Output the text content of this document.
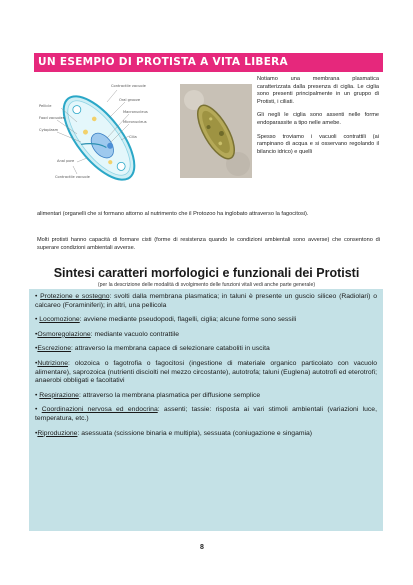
UN ESEMPIO DI PROTISTA A VITA LIBERA
Contractile vacuole
Oral groove
Macronucleus
Micronucleus
Cilia
Pellicle
Food vacuoles
Cytoplasm
Anal pore
Contractile vacuole

Notiamo una membrana plasmatica caratterizzata dalla presenza di ciglia. Le ciglia sono presenti principalmente in un gruppo di Protisti, i ciliati.

Gli negli le ciglia sono assenti nelle forme endoparassite a tipo nelle amebe.

Spesso troviamo i vacuoli contrattili (ai rampinano di acqua e si osservano regolando il bilancio idrico) e quelli

alimentari (organelli che si formano attorno al nutrimento che il Protozoo ha inglobato attraverso la fagocitosi).

Molti protisti hanno capacità di formare cisti (forme di resistenza quando le condizioni ambientali sono avverse) che consentono di superare condizioni ambientali avverse.

Sintesi caratteri morfologici e funzionali dei Protisti
(per la descrizione delle modalità di svolgimento delle funzioni vitali vedi anche parte generale)

• Protezione e sostegno: svolti dalla membrana plasmatica; in taluni è presente un guscio siliceo (Radiolari) o calcareo (Foraminiferi); in altri, una pellicola

• Locomozione: avviene mediante pseudopodi, flagelli, ciglia; alcune forme sono sessili

•Osmoregolazione: mediante vacuolo contrattile

•Escrezione: attraverso la membrana capace di selezionare cataboliti in uscita

•Nutrizione: olozoica o fagotrofia o fagocitosi (ingestione di materiale organico particolato con vacuolo alimentare), saprozoica (nutrienti disciolti nel mezzo circostante), autotrofa; taluni (Euglena) autotrofi ed eterotrofi; anaerobi obbligati e facoltativi

• Respirazione: attraverso la membrana plasmatica per diffusione semplice

• Coordinazioni nervosa ed endocrina: assenti; tassie: risposta ai vari stimoli ambientali (variazioni luce, temperatura, etc.)

•Riproduzione: asessuata (scissione binaria e multipla), sessuata (coniugazione e singamia)

8
